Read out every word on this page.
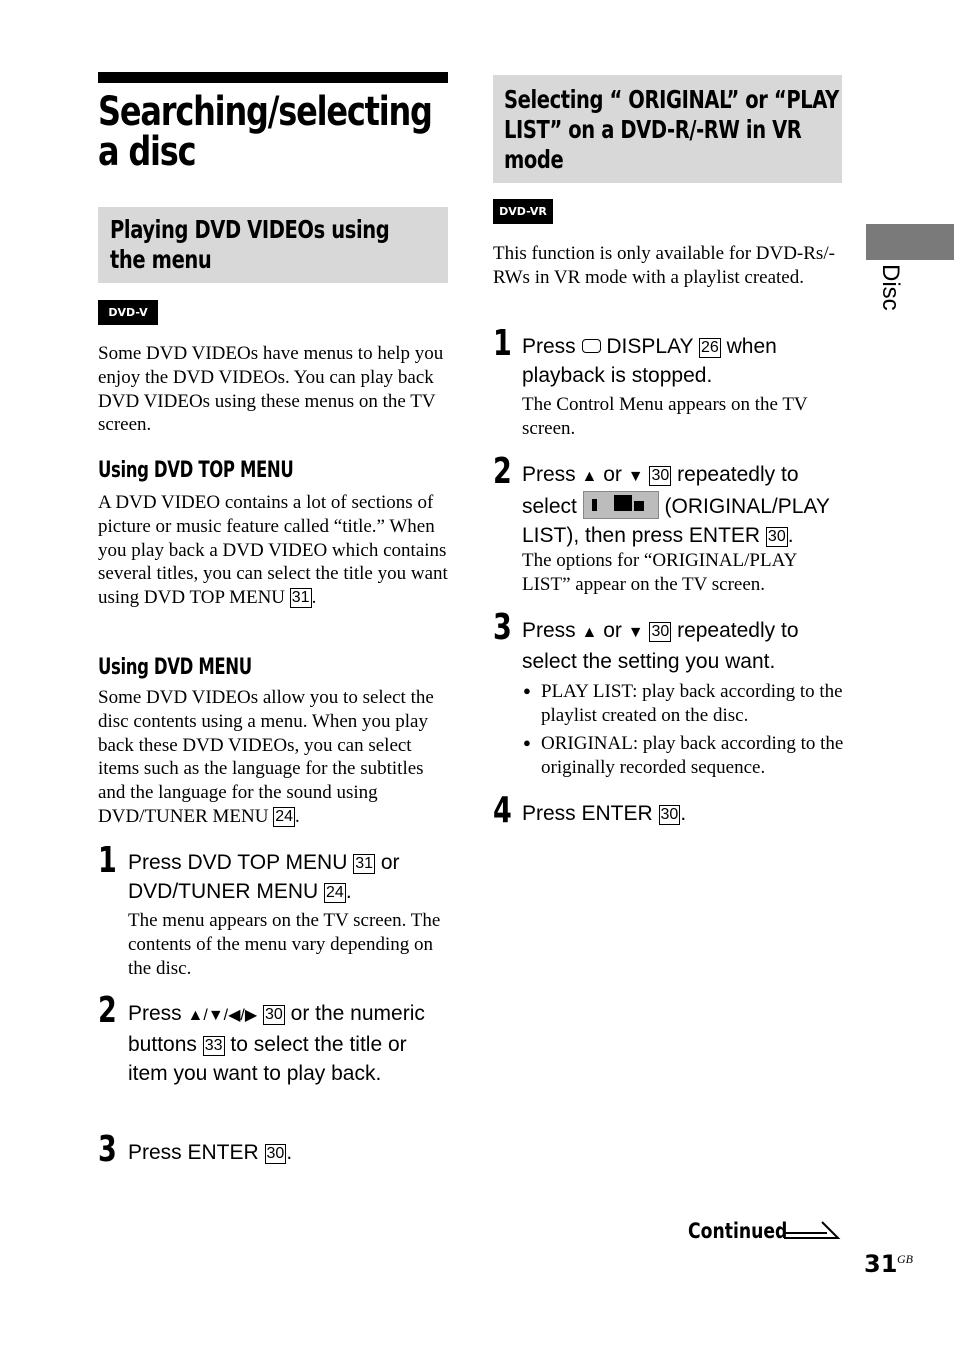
Searching/selecting a disc
Playing DVD VIDEOs using the menu
DVD-V
Some DVD VIDEOs have menus to help you enjoy the DVD VIDEOs. You can play back DVD VIDEOs using these menus on the TV screen.
Using DVD TOP MENU
A DVD VIDEO contains a lot of sections of picture or music feature called “title.” When you play back a DVD VIDEO which contains several titles, you can select the title you want using DVD TOP MENU 31 .
Using DVD MENU
Some DVD VIDEOs allow you to select the disc contents using a menu. When you play back these DVD VIDEOs, you can select items such as the language for the subtitles and the language for the sound using DVD/TUNER MENU 24 .
1 Press DVD TOP MENU 31 or DVD/TUNER MENU 24.
The menu appears on the TV screen. The contents of the menu vary depending on the disc.
2 Press ▲/▼/◀/▶ 30 or the numeric buttons 33 to select the title or item you want to play back.
3 Press ENTER 30.
Selecting “ ORIGINAL” or “PLAY
LIST” on a DVD-R/-RW in VR
mode
DVD-VR
This function is only available for DVD-Rs/-RWs in VR mode with a playlist created.
1 Press DISPLAY 26 when playback is stopped.
The Control Menu appears on the TV screen.
2 Press ▲ or ▼ 30 repeatedly to select	(ORIGINAL/PLAY LIST), then press ENTER 30.
The options for “ORIGINAL/PLAY LIST” appear on the TV screen.
3 Press ▲ or ▼ 30 repeatedly to select the setting you want.
● PLAY LIST: play back according to the playlist created on the disc.
● ORIGINAL: play back according to the originally recorded sequence.
4 Press ENTER 30.
Disc
Continued
31 GB
